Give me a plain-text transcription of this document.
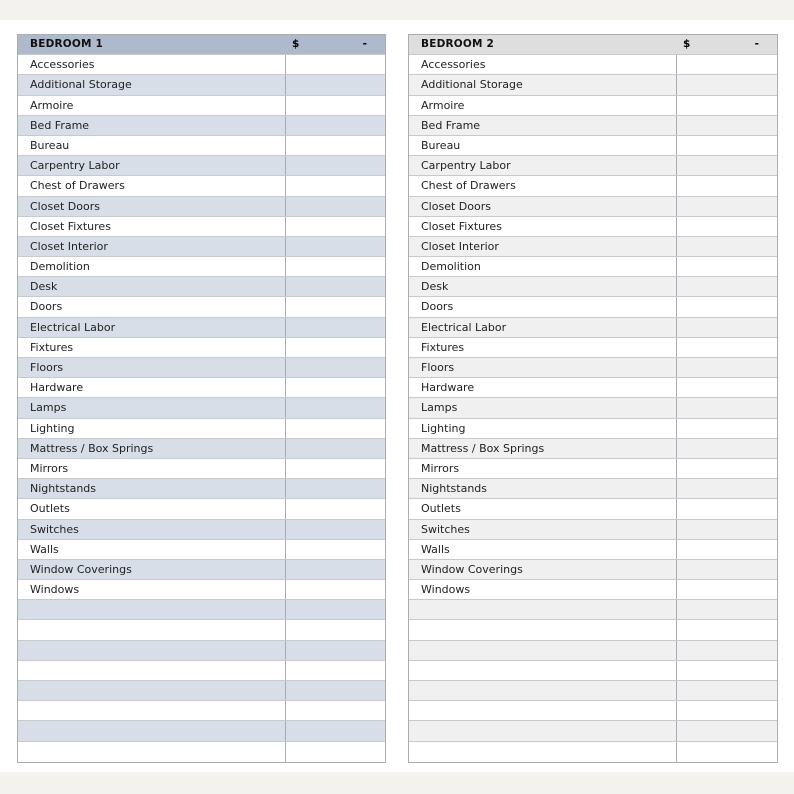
BEDROOM 1	$	-
Accessories
Additional Storage
Armoire
Bed Frame
Bureau
Carpentry Labor
Chest of Drawers
Closet Doors
Closet Fixtures
Closet Interior
Demolition
Desk
Doors
Electrical Labor
Fixtures
Floors
Hardware
Lamps
Lighting
Mattress / Box Springs
Mirrors
Nightstands
Outlets
Switches
Walls
Window Coverings
Windows
BEDROOM 2	$	-
Accessories
Additional Storage
Armoire
Bed Frame
Bureau
Carpentry Labor
Chest of Drawers
Closet Doors
Closet Fixtures
Closet Interior
Demolition
Desk
Doors
Electrical Labor
Fixtures
Floors
Hardware
Lamps
Lighting
Mattress / Box Springs
Mirrors
Nightstands
Outlets
Switches
Walls
Window Coverings
Windows
